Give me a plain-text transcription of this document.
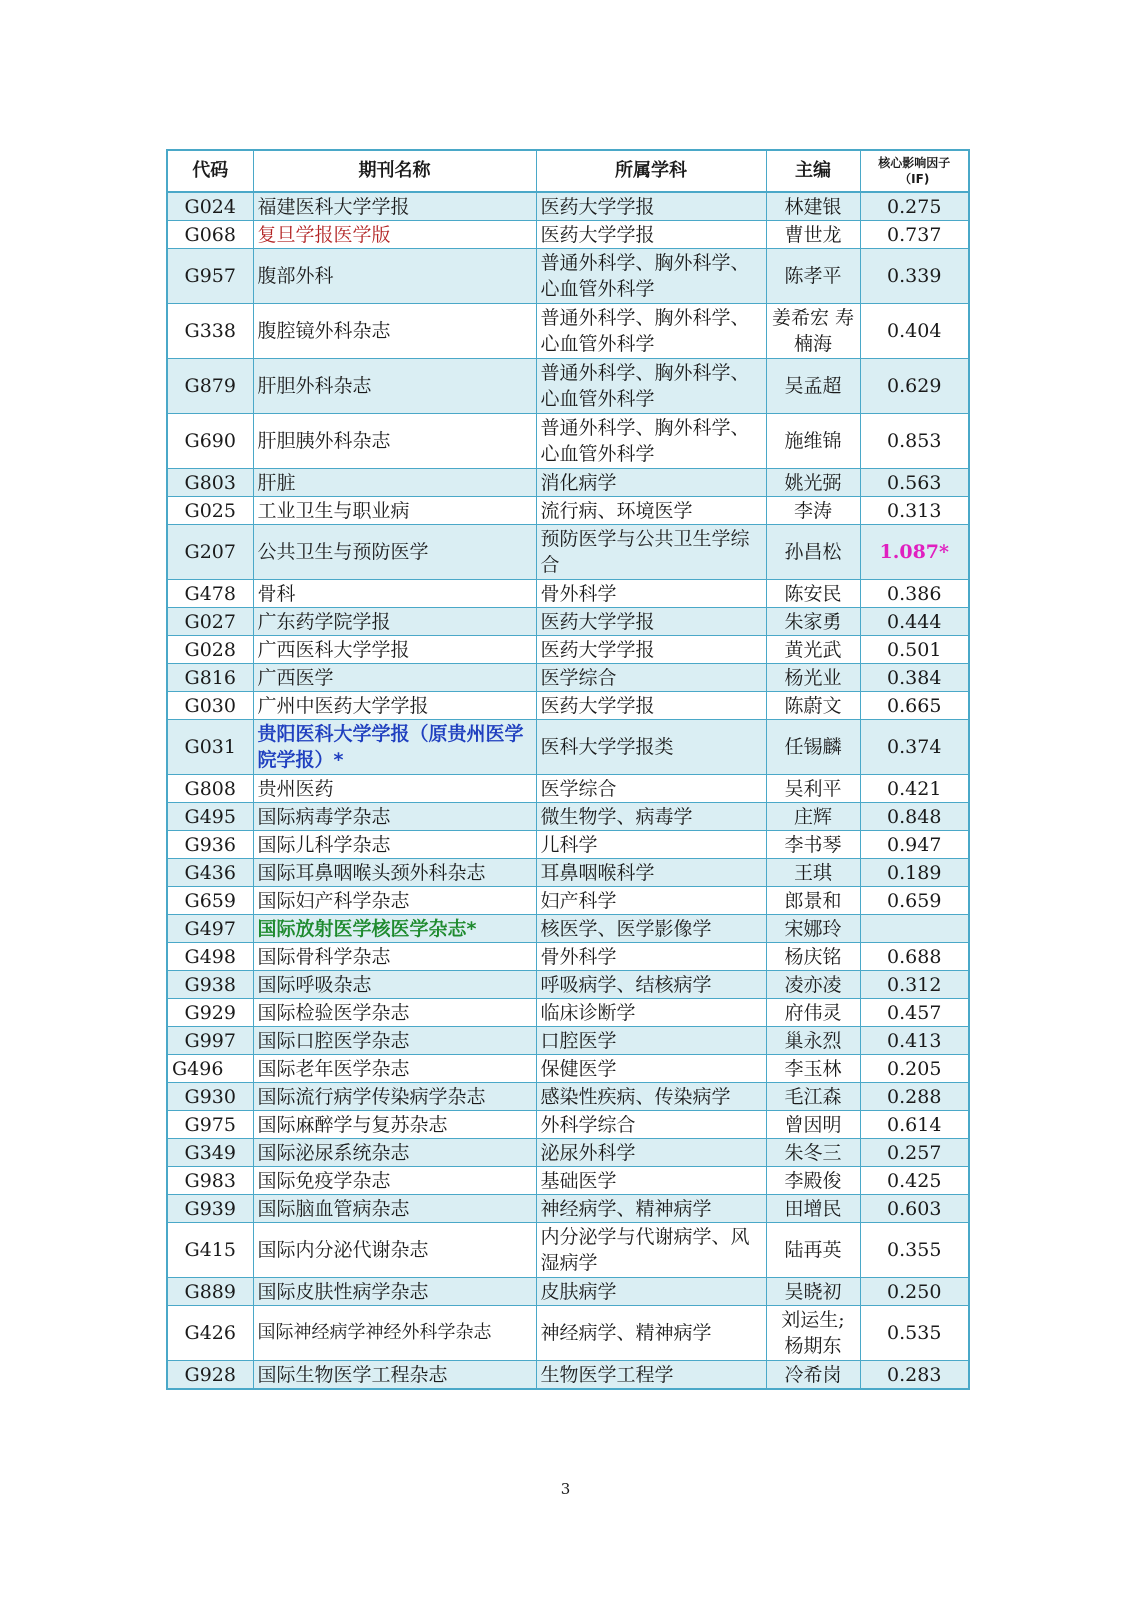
代码	期刊名称	所属学科	主编	核心影响因子（IF)
G024	福建医科大学学报	医药大学学报	林建银	0.275
G068	复旦学报医学版	医药大学学报	曹世龙	0.737
G957	腹部外科	普通外科学、胸外科学、心血管外科学	陈孝平	0.339
G338	腹腔镜外科杂志	普通外科学、胸外科学、心血管外科学	姜希宏 寿楠海	0.404
G879	肝胆外科杂志	普通外科学、胸外科学、心血管外科学	吴孟超	0.629
G690	肝胆胰外科杂志	普通外科学、胸外科学、心血管外科学	施维锦	0.853
G803	肝脏	消化病学	姚光弼	0.563
G025	工业卫生与职业病	流行病、环境医学	李涛	0.313
G207	公共卫生与预防医学	预防医学与公共卫生学综合	孙昌松	1.087*
G478	骨科	骨外科学	陈安民	0.386
G027	广东药学院学报	医药大学学报	朱家勇	0.444
G028	广西医科大学学报	医药大学学报	黄光武	0.501
G816	广西医学	医学综合	杨光业	0.384
G030	广州中医药大学学报	医药大学学报	陈蔚文	0.665
G031	贵阳医科大学学报（原贵州医学院学报）*	医科大学学报类	任锡麟	0.374
G808	贵州医药	医学综合	吴利平	0.421
G495	国际病毒学杂志	微生物学、病毒学	庄辉	0.848
G936	国际儿科学杂志	儿科学	李书琴	0.947
G436	国际耳鼻咽喉头颈外科杂志	耳鼻咽喉科学	王琪	0.189
G659	国际妇产科学杂志	妇产科学	郎景和	0.659
G497	国际放射医学核医学杂志*	核医学、医学影像学	宋娜玲	
G498	国际骨科学杂志	骨外科学	杨庆铭	0.688
G938	国际呼吸杂志	呼吸病学、结核病学	凌亦凌	0.312
G929	国际检验医学杂志	临床诊断学	府伟灵	0.457
G997	国际口腔医学杂志	口腔医学	巢永烈	0.413
G496	国际老年医学杂志	保健医学	李玉林	0.205
G930	国际流行病学传染病学杂志	感染性疾病、传染病学	毛江森	0.288
G975	国际麻醉学与复苏杂志	外科学综合	曾因明	0.614
G349	国际泌尿系统杂志	泌尿外科学	朱冬三	0.257
G983	国际免疫学杂志	基础医学	李殿俊	0.425
G939	国际脑血管病杂志	神经病学、精神病学	田增民	0.603
G415	国际内分泌代谢杂志	内分泌学与代谢病学、风湿病学	陆再英	0.355
G889	国际皮肤性病学杂志	皮肤病学	吴晓初	0.250
G426	国际神经病学神经外科学杂志	神经病学、精神病学	刘运生; 杨期东	0.535
G928	国际生物医学工程杂志	生物医学工程学	冷希岗	0.283
3
